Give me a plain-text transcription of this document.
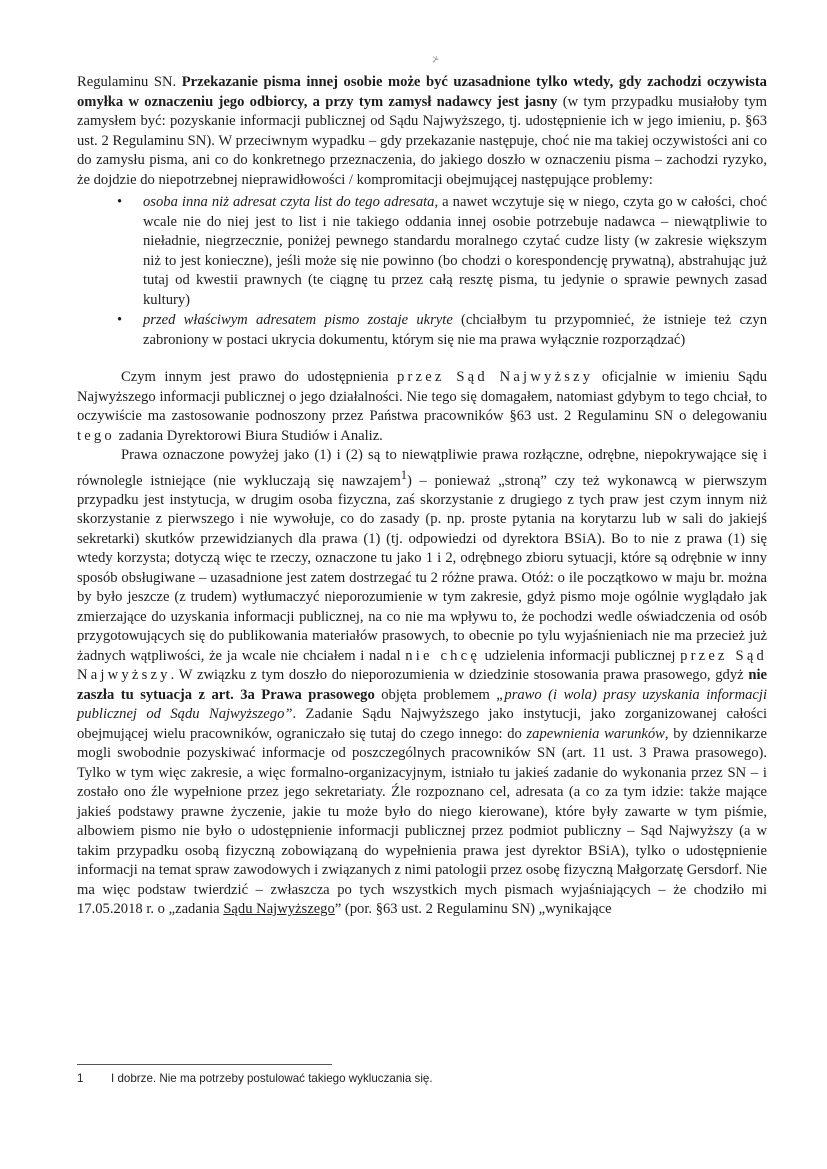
⊁

Regulaminu SN. Przekazanie pisma innej osobie może być uzasadnione tylko wtedy, gdy zachodzi oczywista omyłka w oznaczeniu jego odbiorcy, a przy tym zamysł nadawcy jest jasny (w tym przypadku musiałoby tym zamysłem być: pozyskanie informacji publicznej od Sądu Najwyższego, tj. udostępnienie ich w jego imieniu, p. §63 ust. 2 Regulaminu SN). W przeciwnym wypadku – gdy przekazanie następuje, choć nie ma takiej oczywistości ani co do zamysłu pisma, ani co do konkretnego przeznaczenia, do jakiego doszło w oznaczeniu pisma – zachodzi ryzyko, że dojdzie do niepotrzebnej nieprawidłowości / kompromitacji obejmującej następujące problemy:

• osoba inna niż adresat czyta list do tego adresata, a nawet wczytuje się w niego, czyta go w całości, choć wcale nie do niej jest to list i nie takiego oddania innej osobie potrzebuje nadawca – niewątpliwie to nieładnie, niegrzecznie, poniżej pewnego standardu moralnego czytać cudze listy (w zakresie większym niż to jest konieczne), jeśli może się nie powinno (bo chodzi o korespondencję prywatną), abstrahując już tutaj od kwestii prawnych (te ciągnę tu przez całą resztę pisma, tu jedynie o sprawie pewnych zasad kultury)
• przed właściwym adresatem pismo zostaje ukryte (chciałbym tu przypomnieć, że istnieje też czyn zabroniony w postaci ukrycia dokumentu, którym się nie ma prawa wyłącznie rozporządzać)

Czym innym jest prawo do udostępnienia przez Sąd Najwyższy oficjalnie w imieniu Sądu Najwyższego informacji publicznej o jego działalności. Nie tego się domagałem, natomiast gdybym to tego chciał, to oczywiście ma zastosowanie podnoszony przez Państwa pracowników §63 ust. 2 Regulaminu SN o delegowaniu tego zadania Dyrektorowi Biura Studiów i Analiz.

Prawa oznaczone powyżej jako (1) i (2) są to niewątpliwie prawa rozłączne, odrębne, niepokrywające się i równolegle istniejące (nie wykluczają się nawzajem$^1$) – ponieważ „stroną” czy też wykonawcą w pierwszym przypadku jest instytucja, w drugim osoba fizyczna, zaś skorzystanie z drugiego z tych praw jest czym innym niż skorzystanie z pierwszego i nie wywołuje, co do zasady (p. np. proste pytania na korytarzu lub w sali do jakiejś sekretarki) skutków przewidzianych dla prawa (1) (tj. odpowiedzi od dyrektora BSiA). Bo to nie z prawa (1) się wtedy korzysta; dotyczą więc te rzeczy, oznaczone tu jako 1 i 2, odrębnego zbioru sytuacji, które są odrębnie w inny sposób obsługiwane – uzasadnione jest zatem dostrzegać tu 2 różne prawa. Otóż: o ile początkowo w maju br. można by było jeszcze (z trudem) wytłumaczyć nieporozumienie w tym zakresie, gdyż pismo moje ogólnie wyglądało jak zmierzające do uzyskania informacji publicznej, na co nie ma wpływu to, że pochodzi wedle oświadczenia od osób przygotowujących się do publikowania materiałów prasowych, to obecnie po tylu wyjaśnieniach nie ma przecież już żadnych wątpliwości, że ja wcale nie chciałem i nadal nie chcę udzielenia informacji publicznej przez Sąd Najwyższy. W związku z tym doszło do nieporozumienia w dziedzinie stosowania prawa prasowego, gdyż nie zaszła tu sytuacja z art. 3a Prawa prasowego objęta problemem „prawo (i wola) prasy uzyskania informacji publicznej od Sądu Najwyższego”. Zadanie Sądu Najwyższego jako instytucji, jako zorganizowanej całości obejmującej wielu pracowników, ograniczało się tutaj do czego innego: do zapewnienia warunków, by dziennikarze mogli swobodnie pozyskiwać informacje od poszczególnych pracowników SN (art. 11 ust. 3 Prawa prasowego). Tylko w tym więc zakresie, a więc formalno-organizacyjnym, istniało tu jakieś zadanie do wykonania przez SN – i zostało ono źle wypełnione przez jego sekretariaty. Źle rozpoznano cel, adresata (a co za tym idzie: także mające jakieś podstawy prawne życzenie, jakie tu może było do niego kierowane), które były zawarte w tym piśmie, albowiem pismo nie było o udostępnienie informacji publicznej przez podmiot publiczny – Sąd Najwyższy (a w takim przypadku osobą fizyczną zobowiązaną do wypełnienia prawa jest dyrektor BSiA), tylko o udostępnienie informacji na temat spraw zawodowych i związanych z nimi patologii przez osobę fizyczną Małgorzatę Gersdorf. Nie ma więc podstaw twierdzić – zwłaszcza po tych wszystkich mych pismach wyjaśniających – że chodziło mi 17.05.2018 r. o „zadania Sądu Najwyższego” (por. §63 ust. 2 Regulaminu SN) „wynikające

1 I dobrze. Nie ma potrzeby postulować takiego wykluczania się.
